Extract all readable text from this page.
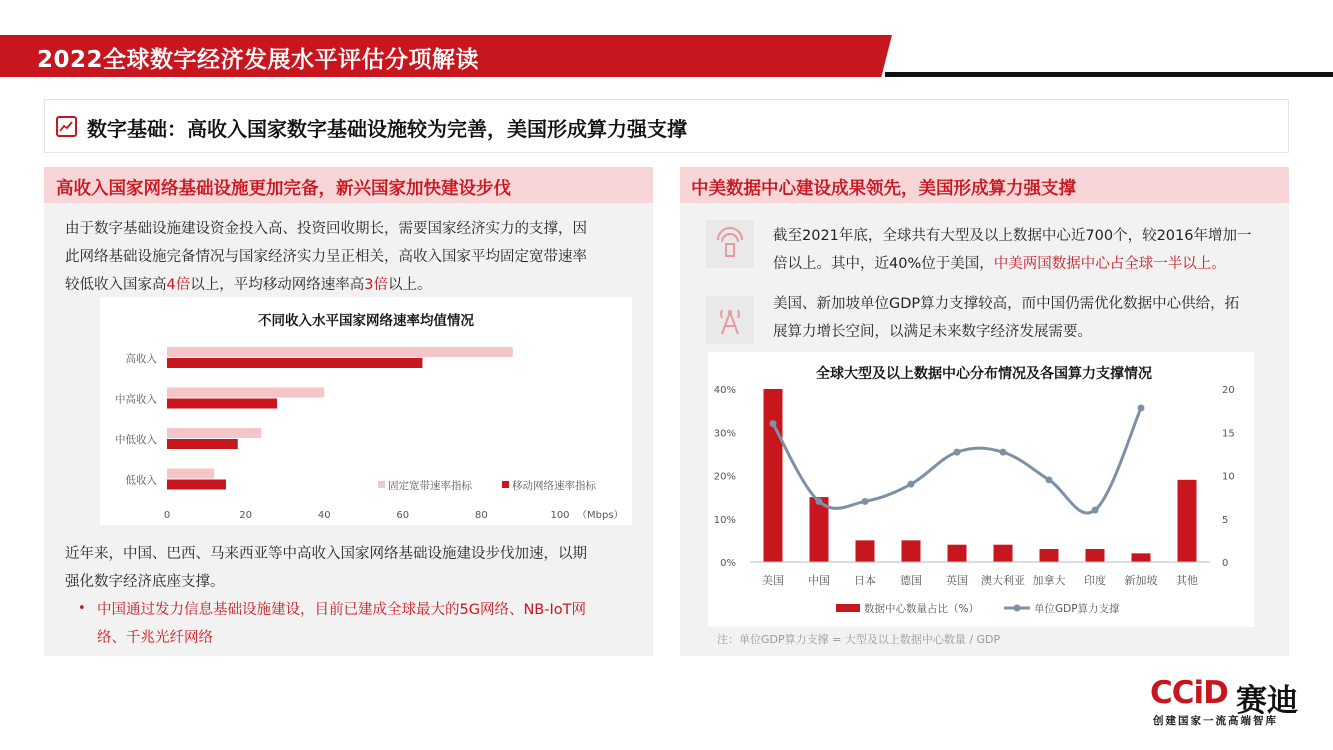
2022全球数字经济发展水平评估分项解读
数字基础：高收入国家数字基础设施较为完善，美国形成算力强支撑
高收入国家网络基础设施更加完备，新兴国家加快建设步伐
由于数字基础设施建设资金投入高、投资回收期长，需要国家经济实力的支撑，因
此网络基础设施完备情况与国家经济实力呈正相关，高收入国家平均固定宽带速率
较低收入国家高4倍以上，平均移动网络速率高3倍以上。
不同收入水平国家网络速率均值情况
高收入
中高收入
中低收入
低收入
0	20	40	60	80	100 （Mbps）
固定宽带速率指标	移动网络速率指标
近年来，中国、巴西、马来西亚等中高收入国家网络基础设施建设步伐加速，以期
强化数字经济底座支撑。
• 中国通过发力信息基础设施建设，目前已建成全球最大的5G网络、NB-IoT网
络、千兆光纤网络
中美数据中心建设成果领先，美国形成算力强支撑
截至2021年底，全球共有大型及以上数据中心近700个，较2016年增加一
倍以上。其中，近40%位于美国，中美两国数据中心占全球一半以上。
美国、新加坡单位GDP算力支撑较高，而中国仍需优化数据中心供给，拓
展算力增长空间，以满足未来数字经济发展需要。
全球大型及以上数据中心分布情况及各国算力支撑情况
0%
10%
20%
30%
40%
0
5
10
15
20
美国 中国 日本 德国 英国 澳大利亚 加拿大 印度 新加坡 其他
数据中心数量占比（%）	单位GDP算力支撑
注：单位GDP算力支撑 = 大型及以上数据中心数量 / GDP
CCiD 赛迪
创建国家一流高端智库
